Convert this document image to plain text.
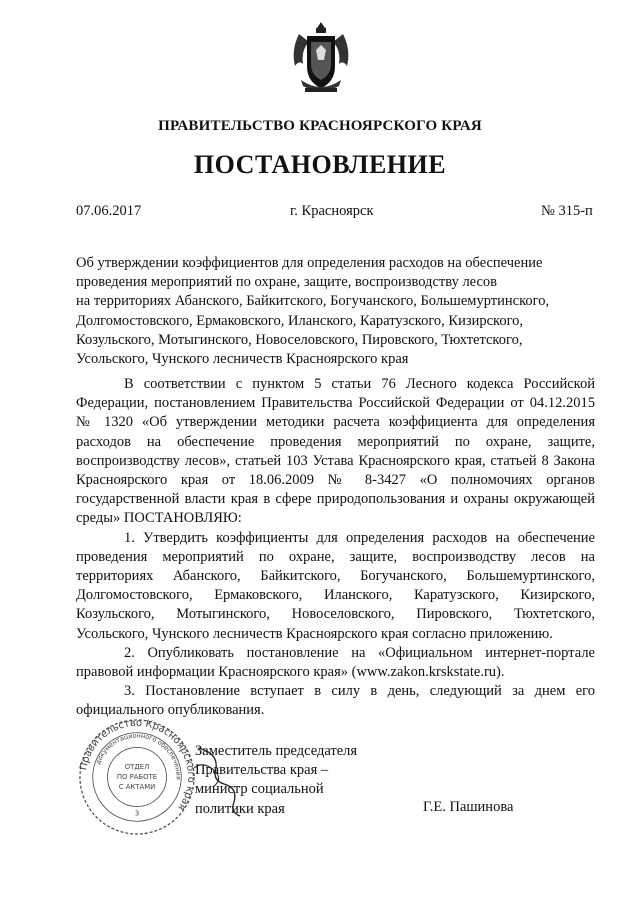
ПРАВИТЕЛЬСТВО КРАСНОЯРСКОГО КРАЯ
ПОСТАНОВЛЕНИЕ
07.06.2017	г. Красноярск	№ 315-п
Об утверждении коэффициентов для определения расходов на обеспечение
проведения мероприятий по охране, защите, воспроизводству лесов
на территориях Абанского, Байкитского, Богучанского, Большемуртинского,
Долгомостовского, Ермаковского, Иланского, Каратузского, Кизирского,
Козульского, Мотыгинского, Новоселовского, Пировского, Тюхтетского,
Усольского, Чунского лесничеств Красноярского края

В соответствии с пунктом 5 статьи 76 Лесного кодекса Российской Федерации, постановлением Правительства Российской Федерации от 04.12.2015 № 1320 «Об утверждении методики расчета коэффициента для определения расходов на обеспечение проведения мероприятий по охране, защите, воспроизводству лесов», статьей 103 Устава Красноярского края, статьей 8 Закона Красноярского края от 18.06.2009 № 8-3427 «О полномочиях органов государственной власти края в сфере природопользования и охраны окружающей среды» ПОСТАНОВЛЯЮ:

1. Утвердить коэффициенты для определения расходов на обеспечение проведения мероприятий по охране, защите, воспроизводству лесов на территориях Абанского, Байкитского, Богучанского, Большемуртинского, Долгомостовского, Ермаковского, Иланского, Каратузского, Кизирского, Козульского, Мотыгинского, Новоселовского, Пировского, Тюхтетского, Усольского, Чунского лесничеств Красноярского края согласно приложению.

2. Опубликовать постановление на «Официальном интернет-портале правовой информации Красноярского края» (www.zakon.krskstate.ru).

3. Постановление вступает в силу в день, следующий за днем его официального опубликования.

Правительство Красноярского края
документационного обеспечения
ОТДЕЛ
ПО РАБОТЕ
С АКТАМИ
3
Заместитель председателя
Правительства края –
министр социальной
политики края	Г.Е. Пашинова
